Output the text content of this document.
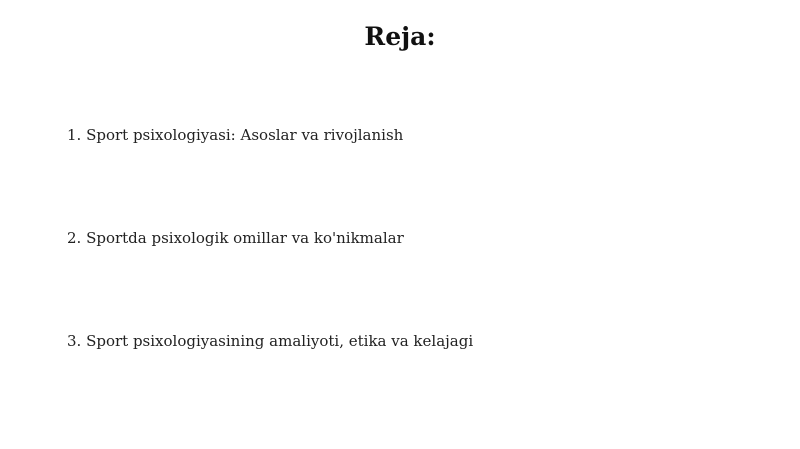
Reja:
1. Sport psixologiyasi: Asoslar va rivojlanish
2. Sportda psixologik omillar va ko'nikmalar
3. Sport psixologiyasining amaliyoti, etika va kelajagi
